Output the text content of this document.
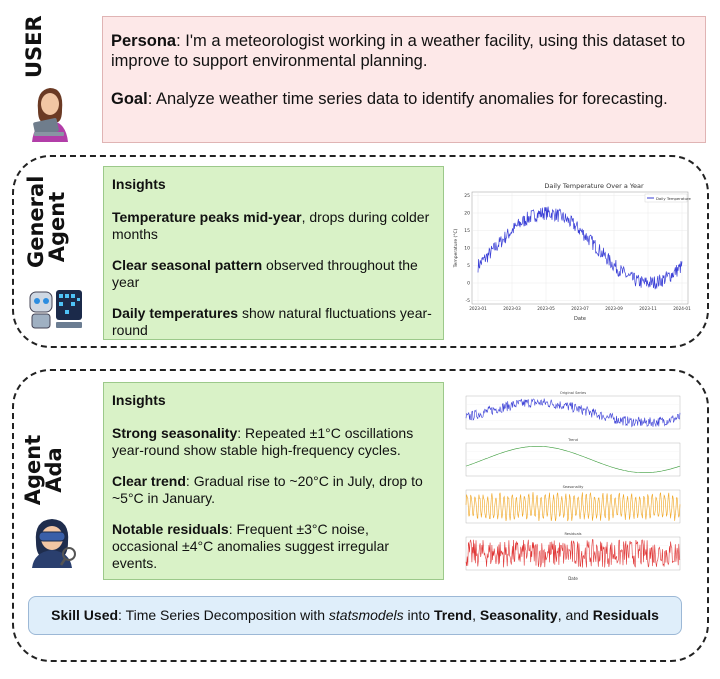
USER	Persona: I'm a meteorologist working in a weather facility, using this dataset to improve to support environmental planning.

Goal: Analyze weather time series data to identify anomalies for forecasting.

General
Agent
Insights

Temperature peaks mid-year, drops during colder months

Clear seasonal pattern observed throughout the year

Daily temperatures show natural fluctuations year-round

Daily Temperature Over a Year
-5
0
5
10
15
20
25
2023-01	2023-03	2023-05	2023-07	2023-09	2023-11	2024-01
Daily Temperature
Date
Temperature (°C)
Agent
Ada
Insights

Strong seasonality: Repeated ±1°C oscillations year-round show stable high-frequency cycles.

Clear trend: Gradual rise to ~20°C in July, drop to ~5°C in January.

Notable residuals: Frequent ±3°C noise, occasional ±4°C anomalies suggest irregular events.

Original Series
Trend
Seasonality
Residuals
Date
Skill Used: Time Series Decomposition with statsmodels into Trend, Seasonality, and Residuals
